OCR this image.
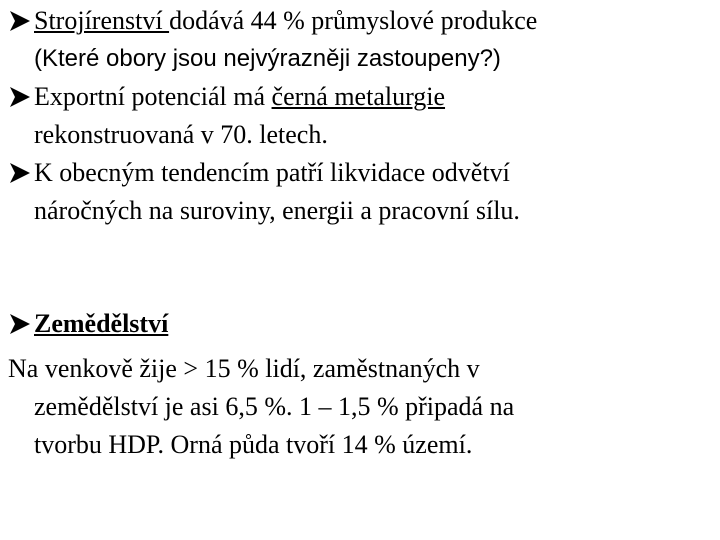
Strojírenství dodává 44 % průmyslové produkce
(Které obory jsou nejvýrazněji zastoupeny?)
Exportní potenciál má černá metalurgie
rekonstruovaná v 70. letech.
K obecným tendencím patří likvidace odvětví
náročných na suroviny, energii a pracovní sílu.
Zemědělství
Na venkově žije > 15 % lidí, zaměstnaných v
zemědělství je asi 6,5 %. 1 – 1,5 % připadá na
tvorbu HDP. Orná půda tvoří 14 % území.
